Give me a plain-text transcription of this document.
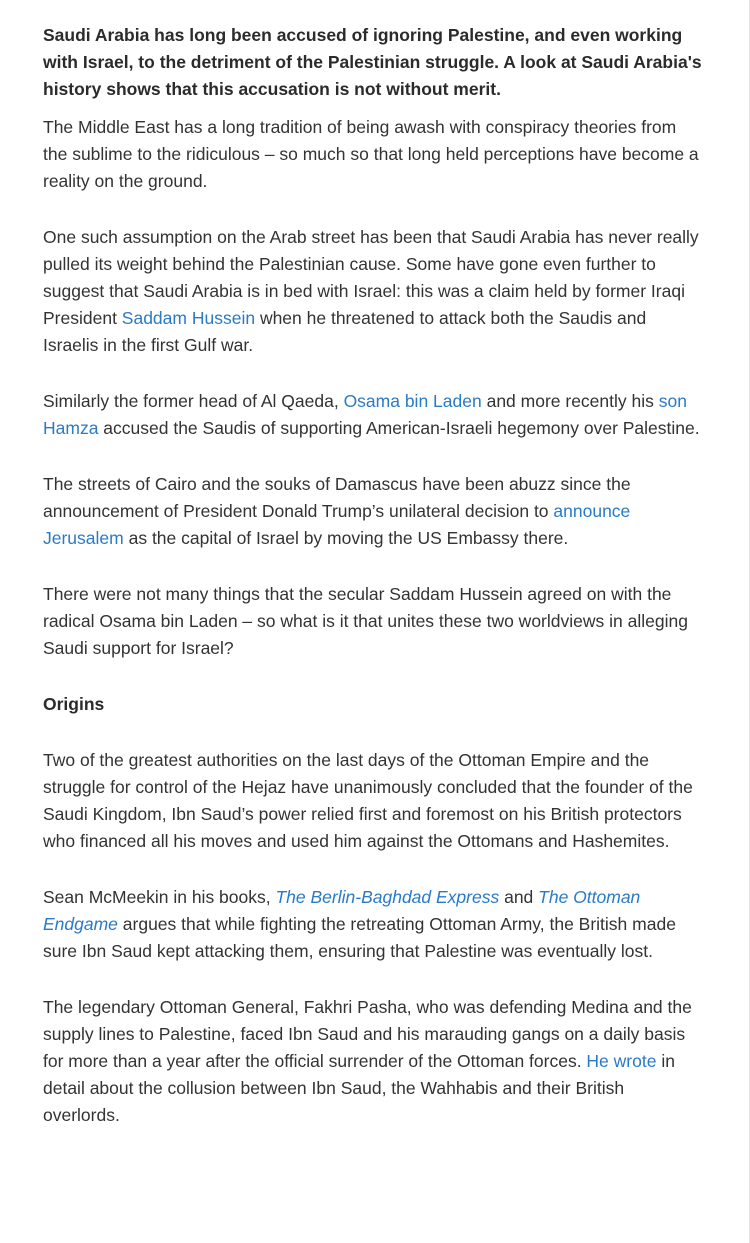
Saudi Arabia has long been accused of ignoring Palestine, and even working with Israel, to the detriment of the Palestinian struggle. A look at Saudi Arabia's history shows that this accusation is not without merit.

The Middle East has a long tradition of being awash with conspiracy theories from the sublime to the ridiculous – so much so that long held perceptions have become a reality on the ground.

One such assumption on the Arab street has been that Saudi Arabia has never really pulled its weight behind the Palestinian cause. Some have gone even further to suggest that Saudi Arabia is in bed with Israel: this was a claim held by former Iraqi President Saddam Hussein when he threatened to attack both the Saudis and Israelis in the first Gulf war.

Similarly the former head of Al Qaeda, Osama bin Laden and more recently his son Hamza accused the Saudis of supporting American-Israeli hegemony over Palestine.

The streets of Cairo and the souks of Damascus have been abuzz since the announcement of President Donald Trump’s unilateral decision to announce Jerusalem as the capital of Israel by moving the US Embassy there.

There were not many things that the secular Saddam Hussein agreed on with the radical Osama bin Laden – so what is it that unites these two worldviews in alleging Saudi support for Israel?

Origins

Two of the greatest authorities on the last days of the Ottoman Empire and the struggle for control of the Hejaz have unanimously concluded that the founder of the Saudi Kingdom, Ibn Saud’s power relied first and foremost on his British protectors who financed all his moves and used him against the Ottomans and Hashemites.

Sean McMeekin in his books, The Berlin-Baghdad Express and The Ottoman Endgame argues that while fighting the retreating Ottoman Army, the British made sure Ibn Saud kept attacking them, ensuring that Palestine was eventually lost.

The legendary Ottoman General, Fakhri Pasha, who was defending Medina and the supply lines to Palestine, faced Ibn Saud and his marauding gangs on a daily basis for more than a year after the official surrender of the Ottoman forces. He wrote in detail about the collusion between Ibn Saud, the Wahhabis and their British overlords.
